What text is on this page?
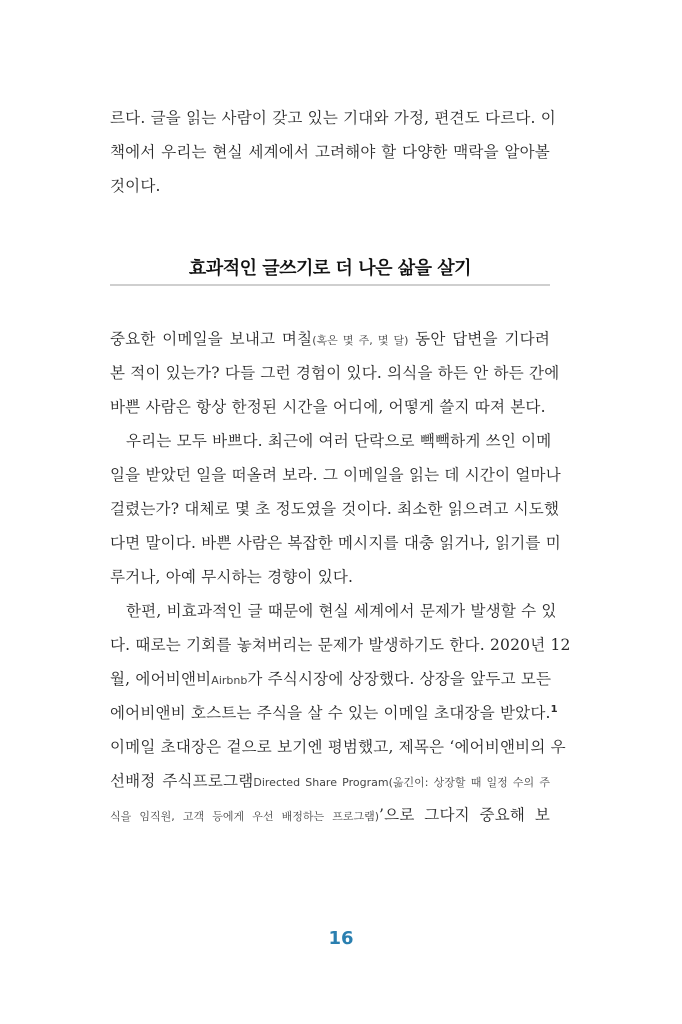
르다. 글을 읽는 사람이 갖고 있는 기대와 가정, 편견도 다르다. 이
책에서 우리는 현실 세계에서 고려해야 할 다양한 맥락을 알아볼
것이다.
효과적인 글쓰기로 더 나은 삶을 살기
중요한 이메일을 보내고 며칠(혹은 몇 주, 몇 달) 동안 답변을 기다려
본 적이 있는가? 다들 그런 경험이 있다. 의식을 하든 안 하든 간에
바쁜 사람은 항상 한정된 시간을 어디에, 어떻게 쓸지 따져 본다.
우리는 모두 바쁘다. 최근에 여러 단락으로 빽빽하게 쓰인 이메
일을 받았던 일을 떠올려 보라. 그 이메일을 읽는 데 시간이 얼마나
걸렸는가? 대체로 몇 초 정도였을 것이다. 최소한 읽으려고 시도했
다면 말이다. 바쁜 사람은 복잡한 메시지를 대충 읽거나, 읽기를 미
루거나, 아예 무시하는 경향이 있다.
한편, 비효과적인 글 때문에 현실 세계에서 문제가 발생할 수 있
다. 때로는 기회를 놓쳐버리는 문제가 발생하기도 한다. 2020년 12
월, 에어비앤비Airbnb가 주식시장에 상장했다. 상장을 앞두고 모든
에어비앤비 호스트는 주식을 살 수 있는 이메일 초대장을 받았다.$^1$
이메일 초대장은 겉으로 보기엔 평범했고, 제목은 ‘에어비앤비의 우
선배정 주식프로그램Directed Share Program(옮긴이: 상장할 때 일정 수의 주
식을 임직원, 고객 등에게 우선 배정하는 프로그램)’으로 그다지 중요해 보
16
